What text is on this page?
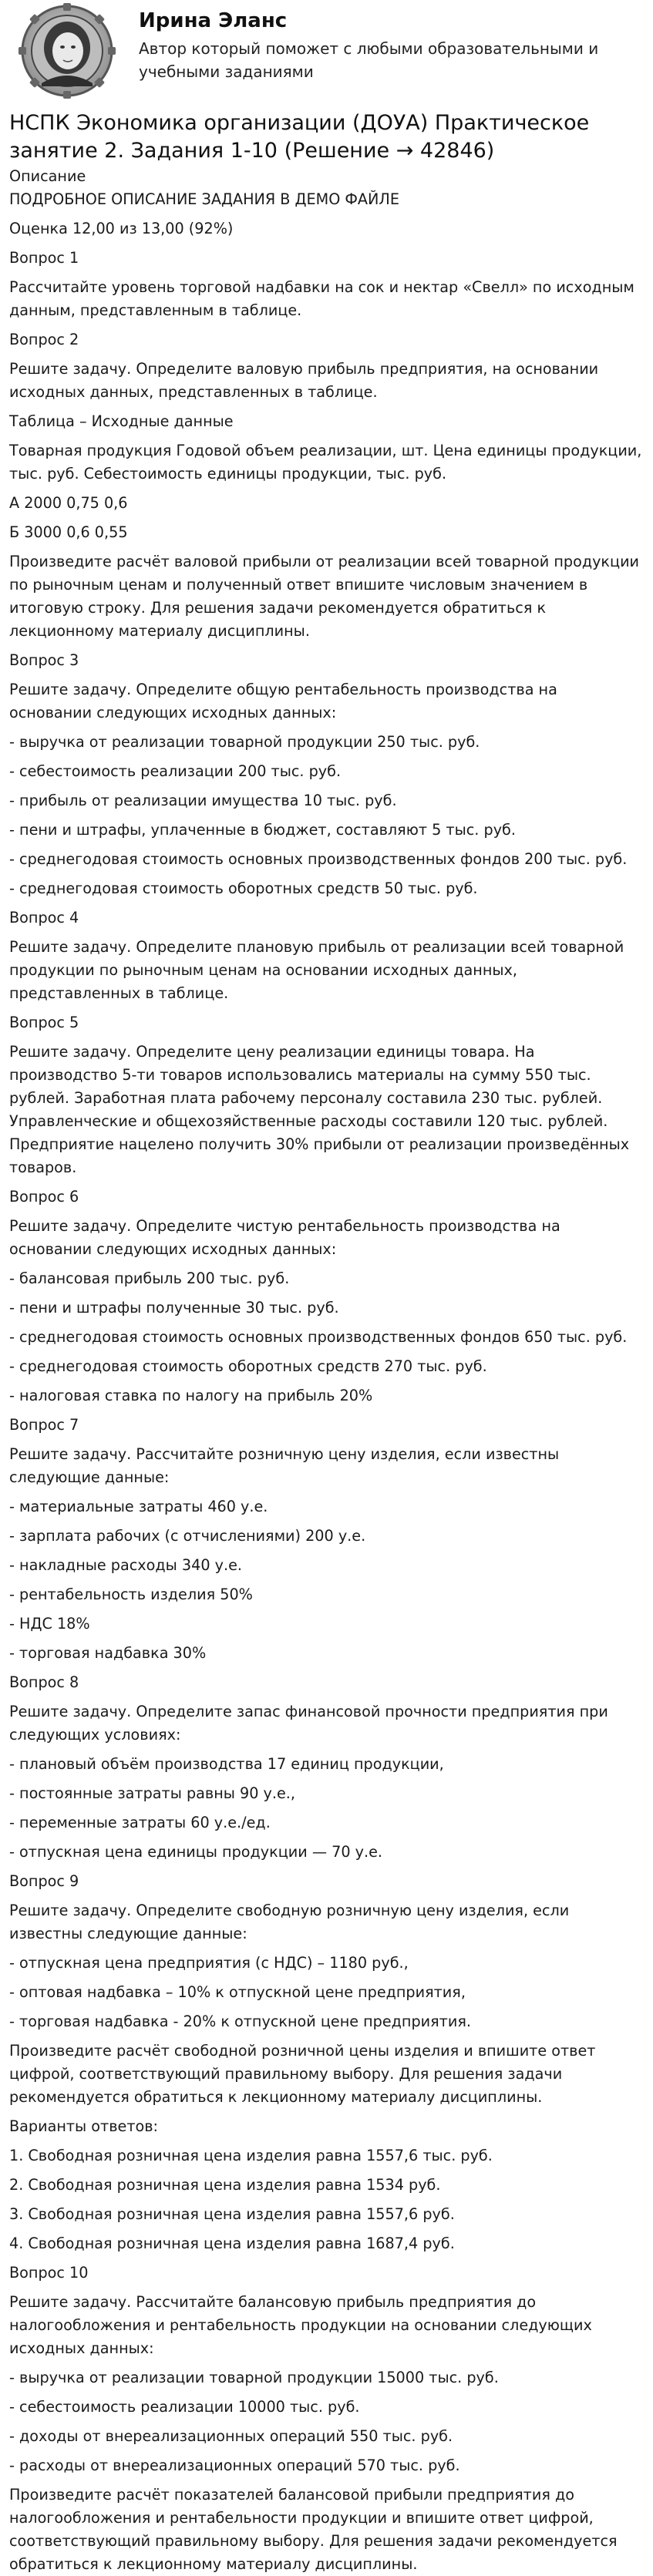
Ирина Эланс
Автор который поможет с любыми образовательными и учебными заданиями
НСПК Экономика организации (ДОУА) Практическое занятие 2. Задания 1-10 (Решение → 42846)

Описание

ПОДРОБНОЕ ОПИСАНИЕ ЗАДАНИЯ В ДЕМО ФАЙЛЕ

Оценка 12,00 из 13,00 (92%)

Вопрос 1

Рассчитайте уровень торговой надбавки на сок и нектар «Свелл» по исходным данным, представленным в таблице.

Вопрос 2

Решите задачу. Определите валовую прибыль предприятия, на основании исходных данных, представленных в таблице.

Таблица – Исходные данные

Товарная продукция Годовой объем реализации, шт. Цена единицы продукции, тыс. руб. Себестоимость единицы продукции, тыс. руб.

А 2000 0,75 0,6

Б 3000 0,6 0,55

Произведите расчёт валовой прибыли от реализации всей товарной продукции по рыночным ценам и полученный ответ впишите числовым значением в итоговую строку. Для решения задачи рекомендуется обратиться к лекционному материалу дисциплины.

Вопрос 3

Решите задачу. Определите общую рентабельность производства на основании следующих исходных данных:

- выручка от реализации товарной продукции 250 тыс. руб.

- себестоимость реализации 200 тыс. руб.

- прибыль от реализации имущества 10 тыс. руб.

- пени и штрафы, уплаченные в бюджет, составляют 5 тыс. руб.

- среднегодовая стоимость основных производственных фондов 200 тыс. руб.

- среднегодовая стоимость оборотных средств 50 тыс. руб.

Вопрос 4

Решите задачу. Определите плановую прибыль от реализации всей товарной продукции по рыночным ценам на основании исходных данных, представленных в таблице.

Вопрос 5

Решите задачу. Определите цену реализации единицы товара. На производство 5-ти товаров использовались материалы на сумму 550 тыс. рублей. Заработная плата рабочему персоналу составила 230 тыс. рублей. Управленческие и общехозяйственные расходы составили 120 тыс. рублей. Предприятие нацелено получить 30% прибыли от реализации произведённых товаров.

Вопрос 6

Решите задачу. Определите чистую рентабельность производства на основании следующих исходных данных:

- балансовая прибыль 200 тыс. руб.

- пени и штрафы полученные 30 тыс. руб.

- среднегодовая стоимость основных производственных фондов 650 тыс. руб.

- среднегодовая стоимость оборотных средств 270 тыс. руб.

- налоговая ставка по налогу на прибыль 20%

Вопрос 7

Решите задачу. Рассчитайте розничную цену изделия, если известны следующие данные:

- материальные затраты 460 у.е.

- зарплата рабочих (с отчислениями) 200 у.е.

- накладные расходы 340 у.е.

- рентабельность изделия 50%

- НДС 18%

- торговая надбавка 30%

Вопрос 8

Решите задачу. Определите запас финансовой прочности предприятия при следующих условиях:

- плановый объём производства 17 единиц продукции,

- постоянные затраты равны 90 у.е.,

- переменные затраты 60 у.е./ед.

- отпускная цена единицы продукции — 70 у.е.

Вопрос 9

Решите задачу. Определите свободную розничную цену изделия, если известны следующие данные:

- отпускная цена предприятия (с НДС) – 1180 руб.,

- оптовая надбавка – 10% к отпускной цене предприятия,

- торговая надбавка - 20% к отпускной цене предприятия.

Произведите расчёт свободной розничной цены изделия и впишите ответ цифрой, соответствующий правильному выбору. Для решения задачи рекомендуется обратиться к лекционному материалу дисциплины.

Варианты ответов:

1. Свободная розничная цена изделия равна 1557,6 тыс. руб.

2. Свободная розничная цена изделия равна 1534 руб.

3. Свободная розничная цена изделия равна 1557,6 руб.

4. Свободная розничная цена изделия равна 1687,4 руб.

Вопрос 10

Решите задачу. Рассчитайте балансовую прибыль предприятия до налогообложения и рентабельность продукции на основании следующих исходных данных:

- выручка от реализации товарной продукции 15000 тыс. руб.

- себестоимость реализации 10000 тыс. руб.

- доходы от внереализационных операций 550 тыс. руб.

- расходы от внереализационных операций 570 тыс. руб.

Произведите расчёт показателей балансовой прибыли предприятия до налогообложения и рентабельности продукции и впишите ответ цифрой, соответствующий правильному выбору. Для решения задачи рекомендуется обратиться к лекционному материалу дисциплины.
